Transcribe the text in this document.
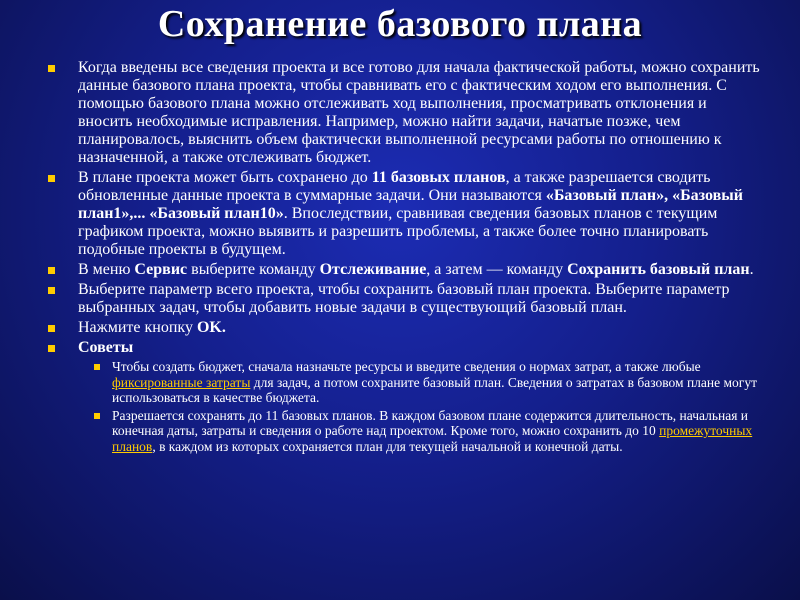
Сохранение базового плана
Когда введены все сведения проекта и все готово для начала фактической работы, можно сохранить данные базового плана проекта, чтобы сравнивать его с фактическим ходом его выполнения. С помощью базового плана можно отслеживать ход выполнения, просматривать отклонения и вносить необходимые исправления. Например, можно найти задачи, начатые позже, чем планировалось, выяснить объем фактически выполненной ресурсами работы по отношению к назначенной, а также отслеживать бюджет.
В плане проекта может быть сохранено до 11 базовых планов, а также разрешается сводить обновленные данные проекта в суммарные задачи. Они называются «Базовый план», «Базовый план1»,... «Базовый план10». Впоследствии, сравнивая сведения базовых планов с текущим графиком проекта, можно выявить и разрешить проблемы, а также более точно планировать подобные проекты в будущем.
В меню Сервис выберите команду Отслеживание, а затем — команду Сохранить базовый план.
Выберите параметр всего проекта, чтобы сохранить базовый план проекта. Выберите параметр выбранных задач, чтобы добавить новые задачи в существующий базовый план.
Нажмите кнопку OK.
Советы
Чтобы создать бюджет, сначала назначьте ресурсы и введите сведения о нормах затрат, а также любые фиксированные затраты для задач, а потом сохраните базовый план. Сведения о затратах в базовом плане могут использоваться в качестве бюджета.
Разрешается сохранять до 11 базовых планов. В каждом базовом плане содержится длительность, начальная и конечная даты, затраты и сведения о работе над проектом. Кроме того, можно сохранить до 10 промежуточных планов, в каждом из которых сохраняется план для текущей начальной и конечной даты.
